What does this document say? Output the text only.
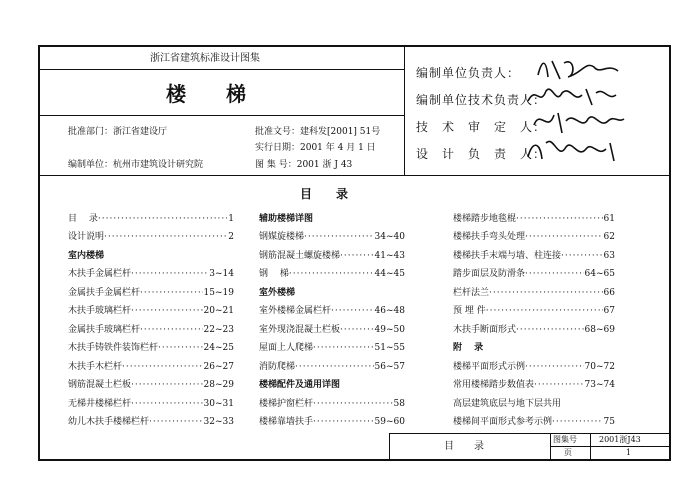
浙江省建筑标准设计图集
楼　　梯
批准部门：浙江省建设厅	批准文号：建科发[2001] 51号
实行日期：2001 年 4 月 1 日
编制单位：杭州市建筑设计研究院	图 集 号：2001 浙 J 43
编制单位负责人：
编制单位技术负责人：
技　术　审　定　人：
设　计　负　责　人：
目　　录
目　 录 ·····	1
设计说明 ·····	2
室内楼梯
木扶手金属栏杆 ·····	3~14
金属扶手金属栏杆 ·····	15~19
木扶手玻璃栏杆 ·····	20~21
金属扶手玻璃栏杆 ·····	22~23
木扶手铸铁件装饰栏杆 ·····	24~25
木扶手木栏杆 ·····	26~27
钢筋混凝土栏板 ·····	28~29
无梯井楼梯栏杆 ·····	30~31
幼儿木扶手楼梯栏杆 ·····	32~33
辅助楼梯详图
钢媒旋楼梯 ·····	34~40
钢筋混凝土螺旋楼梯 ·····	41~43
钢　 梯 ·····	44~45
室外楼梯
室外楼梯金属栏杆 ·····	46~48
室外现浇混凝土栏板 ·····	49~50
屋面上人爬梯 ·····	51~55
消防爬梯 ·····	56~57
楼梯配件及通用详图
楼梯护窗栏杆 ·····	58
楼梯靠墙扶手 ·····	59~60
楼梯踏步地毯棍 ·····	61
楼梯扶手弯头处理 ·····	62
楼梯扶手末端与墙、柱连接 ·····	63
踏步面层及防滑条 ·····	64~65
栏杆法兰 ·····	66
预 埋 件 ·····	67
木扶手断面形式 ·····	68~69
附　 录
楼梯平面形式示例 ·····	70~72
常用楼梯踏步数值表 ·····	73~74
高层建筑底层与地下层共用
楼梯间平面形式参考示例 ·····	75
目　　录
图集号	2001浙J43
页	1
